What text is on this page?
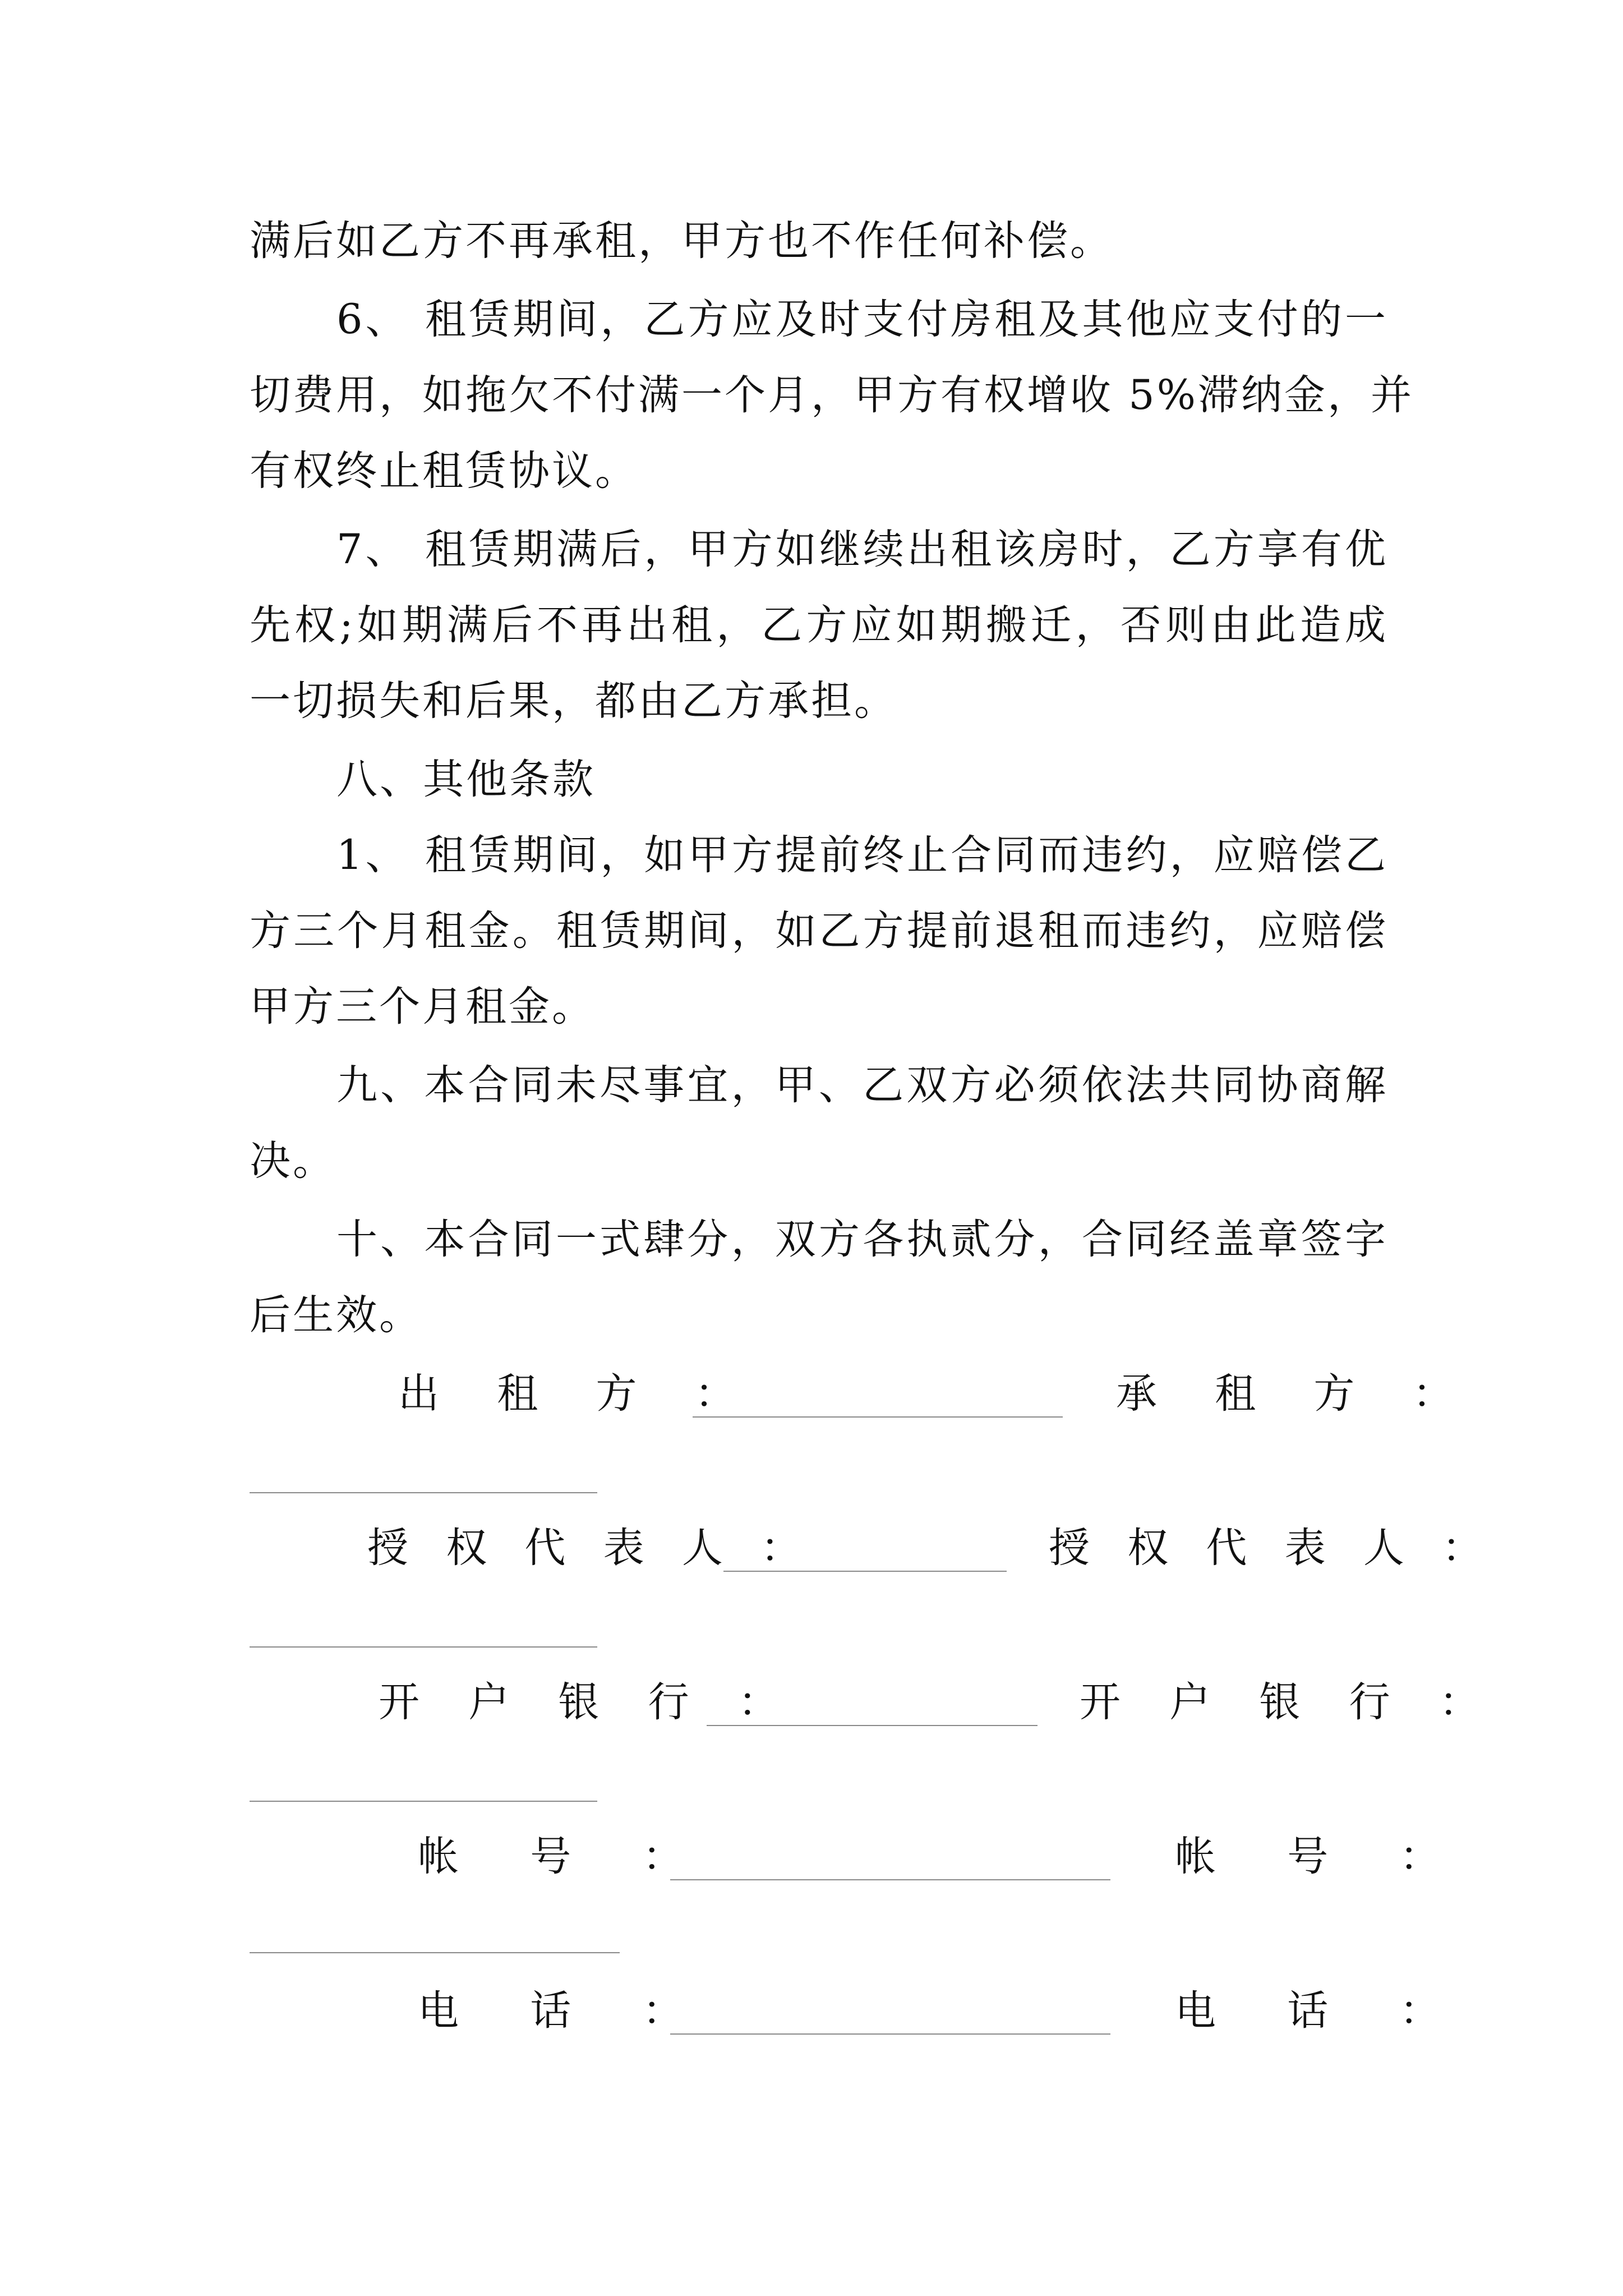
满后如乙方不再承租，甲方也不作任何补偿。
6、 租赁期间，乙方应及时支付房租及其他应支付的一
切费用，如拖欠不付满一个月，甲方有权增收 5%滞纳金，并
有权终止租赁协议。
7、 租赁期满后，甲方如继续出租该房时，乙方享有优
先权;如期满后不再出租，乙方应如期搬迁，否则由此造成
一切损失和后果，都由乙方承担。
八、其他条款
1、 租赁期间，如甲方提前终止合同而违约，应赔偿乙
方三个月租金。租赁期间，如乙方提前退租而违约，应赔偿
甲方三个月租金。
九、本合同未尽事宜，甲、乙双方必须依法共同协商解
决。
十、本合同一式肆分，双方各执贰分，合同经盖章签字
后生效。
出 租 方 ：	承 租 方 ：
授 权 代 表 人 ：	授 权 代 表 人 ：
开 户 银 行 ：	开 户 银 行 ：
帐 号 ：	帐 号 ：
电 话 ：	电 话 ：
